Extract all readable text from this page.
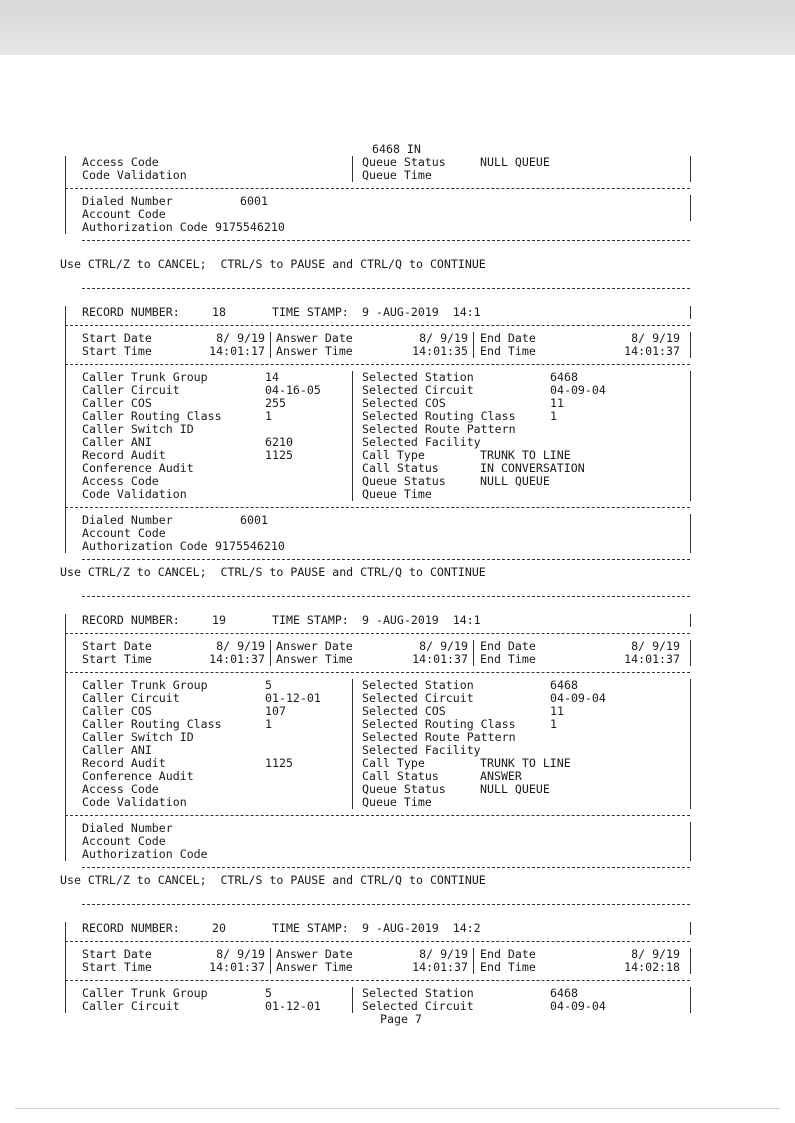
6468 IN
Access Code	Queue Status	NULL QUEUE
Code Validation	Queue Time
Dialed Number	6001
Account Code
Authorization Code 9175546210
Use CTRL/Z to CANCEL;  CTRL/S to PAUSE and CTRL/Q to CONTINUE
RECORD NUMBER:	18	TIME STAMP: 9 -AUG-2019  14:1
Start Date	8/ 9/19 Answer Date	8/ 9/19 End Date	8/ 9/19
Start Time	14:01:17 Answer Time	14:01:35 End Time	14:01:37
Caller Trunk Group	14	Selected Station	6468
Caller Circuit	04-16-05	Selected Circuit	04-09-04
Caller COS	255	Selected COS	11
Caller Routing Class	1	Selected Routing Class	1
Caller Switch ID	Selected Route Pattern
Caller ANI	6210	Selected Facility
Record Audit	1125	Call Type	TRUNK TO LINE
Conference Audit	Call Status	IN CONVERSATION
Access Code	Queue Status	NULL QUEUE
Code Validation	Queue Time
Dialed Number	6001
Account Code
Authorization Code 9175546210
Use CTRL/Z to CANCEL;  CTRL/S to PAUSE and CTRL/Q to CONTINUE
RECORD NUMBER:	19	TIME STAMP: 9 -AUG-2019  14:1
Start Date	8/ 9/19 Answer Date	8/ 9/19 End Date	8/ 9/19
Start Time	14:01:37 Answer Time	14:01:37 End Time	14:01:37
Caller Trunk Group	5	Selected Station	6468
Caller Circuit	01-12-01	Selected Circuit	04-09-04
Caller COS	107	Selected COS	11
Caller Routing Class	1	Selected Routing Class	1
Caller Switch ID	Selected Route Pattern
Caller ANI	Selected Facility
Record Audit	1125	Call Type	TRUNK TO LINE
Conference Audit	Call Status	ANSWER
Access Code	Queue Status	NULL QUEUE
Code Validation	Queue Time
Dialed Number
Account Code
Authorization Code
Use CTRL/Z to CANCEL;  CTRL/S to PAUSE and CTRL/Q to CONTINUE
RECORD NUMBER:	20	TIME STAMP: 9 -AUG-2019  14:2
Start Date	8/ 9/19 Answer Date	8/ 9/19 End Date	8/ 9/19
Start Time	14:01:37 Answer Time	14:01:37 End Time	14:02:18
Caller Trunk Group	5	Selected Station	6468
Caller Circuit	01-12-01	Selected Circuit	04-09-04
Page 7
